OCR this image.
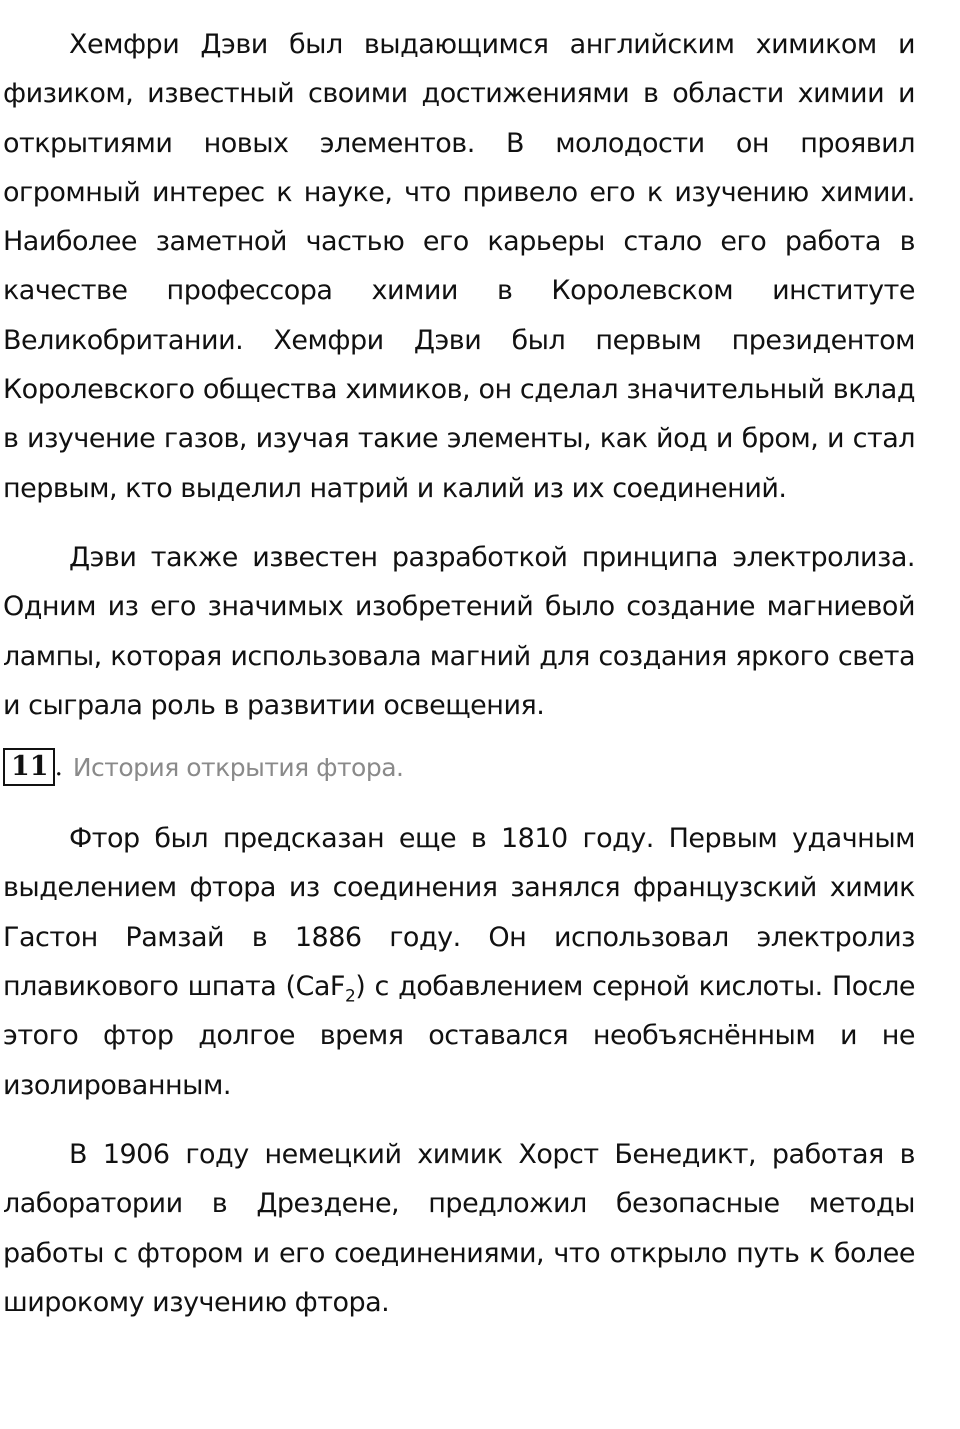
Хемфри Дэви был выдающимся английским химиком и физиком, известный своими достижениями в области химии и открытиями новых элементов. В молодости он проявил огромный интерес к науке, что привело его к изучению химии. Наиболее заметной частью его карьеры стало его работа в качестве профессора химии в Королевском институте Великобритании. Хемфри Дэви был первым президентом Королевского общества химиков, он сделал значительный вклад в изучение газов, изучая такие элементы, как йод и бром, и стал первым, кто выделил натрий и калий из их соединений.

Дэви также известен разработкой принципа электролиза. Одним из его значимых изобретений было создание магниевой лампы, которая использовала магний для создания яркого света и сыграла роль в развитии освещения.

11 . История открытия фтора.

Фтор был предсказан еще в 1810 году. Первым удачным выделением фтора из соединения занялся французский химик Гастон Рамзай в 1886 году. Он использовал электролиз плавикового шпата (CaF$_2$) с добавлением серной кислоты. После этого фтор долгое время оставался необъяснённым и не изолированным.

В 1906 году немецкий химик Хорст Бенедикт, работая в лаборатории в Дрездене, предложил безопасные методы работы с фтором и его соединениями, что открыло путь к более широкому изучению фтора.
